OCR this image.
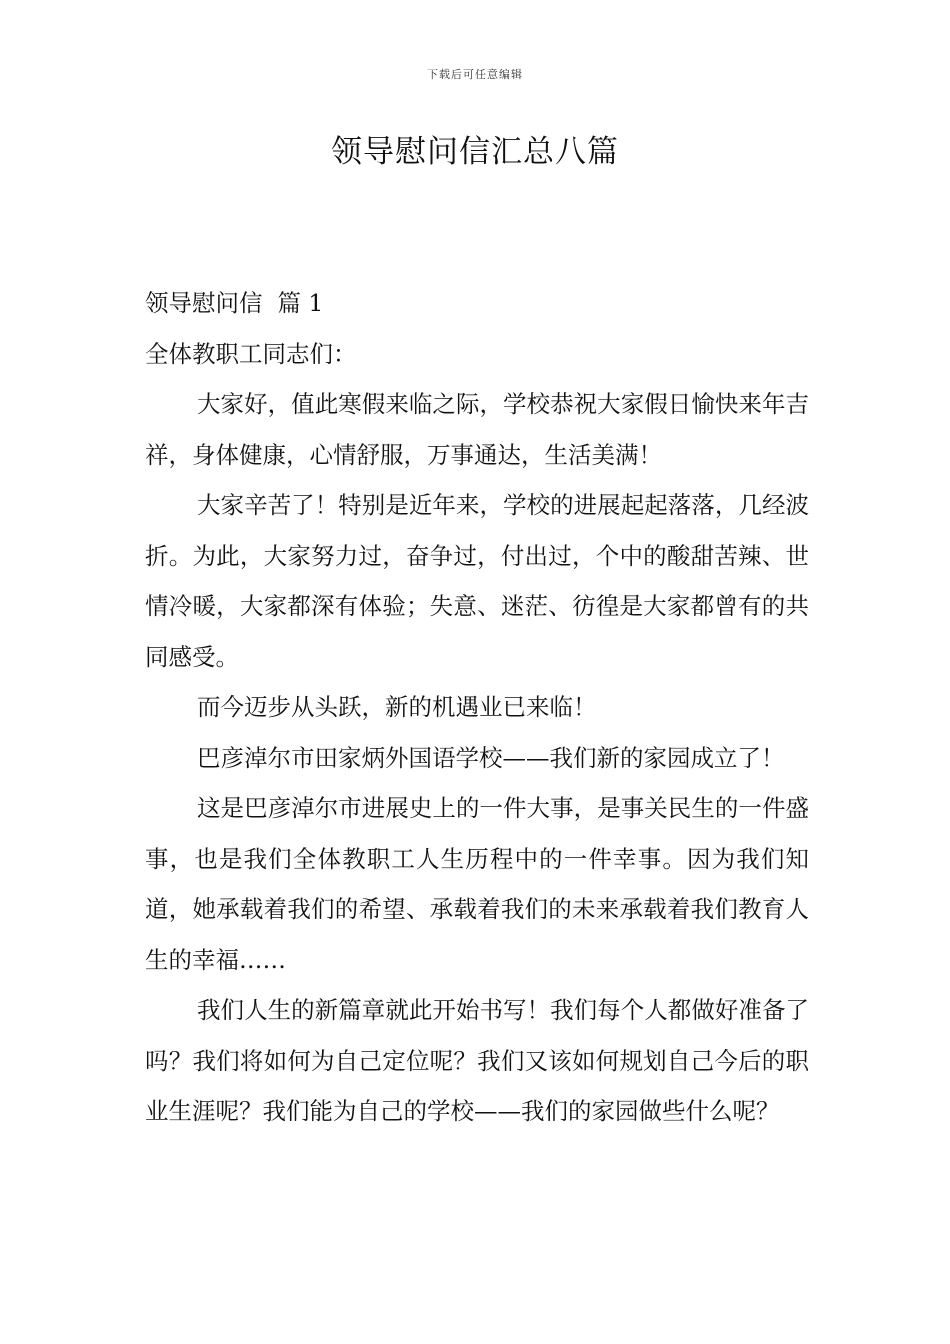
下载后可任意编辑
领导慰问信汇总八篇

领导慰问信  篇 1

全体教职工同志们：

大家好，值此寒假来临之际，学校恭祝大家假日愉快来年吉祥，身体健康，心情舒服，万事通达，生活美满！

大家辛苦了！特别是近年来，学校的进展起起落落，几经波折。为此，大家努力过，奋争过，付出过，个中的酸甜苦辣、世情冷暖，大家都深有体验；失意、迷茫、彷徨是大家都曾有的共同感受。

而今迈步从头跃，新的机遇业已来临！

巴彦淖尔市田家炳外国语学校——我们新的家园成立了！

这是巴彦淖尔市进展史上的一件大事，是事关民生的一件盛事，也是我们全体教职工人生历程中的一件幸事。因为我们知道，她承载着我们的希望、承载着我们的未来承载着我们教育人生的幸福……

我们人生的新篇章就此开始书写！我们每个人都做好准备了吗？我们将如何为自己定位呢？我们又该如何规划自己今后的职业生涯呢？我们能为自己的学校——我们的家园做些什么呢？
